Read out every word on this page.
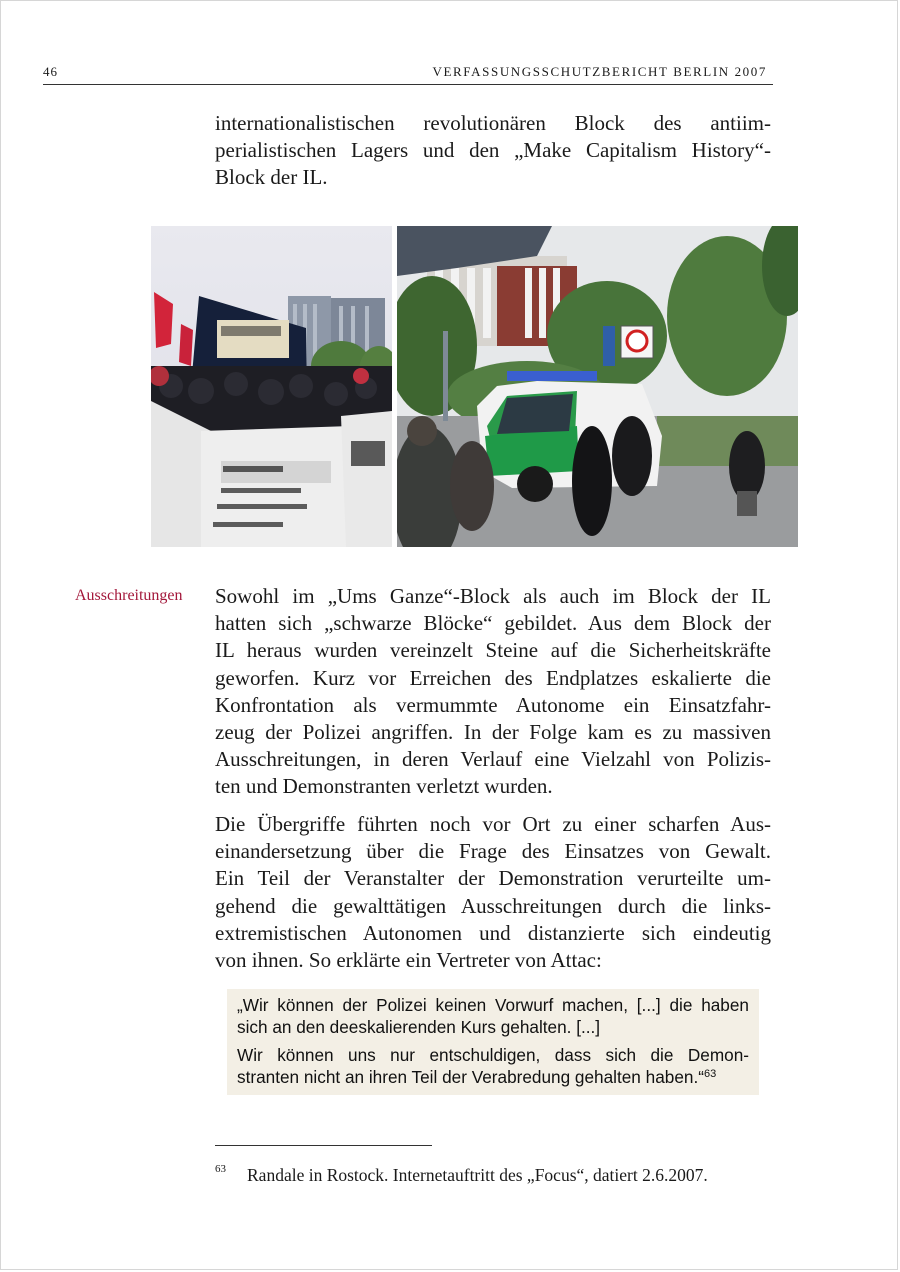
46	VERFASSUNGSSCHUTZBERICHT BERLIN 2007
internationalistischen revolutionären Block des antiim-
perialistischen Lagers und den „Make Capitalism History“-
Block der IL.
Ausschreitungen Sowohl im „Ums Ganze“-Block als auch im Block der IL
hatten sich „schwarze Blöcke“ gebildet. Aus dem Block der
IL heraus wurden vereinzelt Steine auf die Sicherheitskräfte
geworfen. Kurz vor Erreichen des Endplatzes eskalierte die
Konfrontation als vermummte Autonome ein Einsatzfahr-
zeug der Polizei angriffen. In der Folge kam es zu massiven
Ausschreitungen, in deren Verlauf eine Vielzahl von Polizis-
ten und Demonstranten verletzt wurden.
Die Übergriffe führten noch vor Ort zu einer scharfen Aus-
einandersetzung über die Frage des Einsatzes von Gewalt.
Ein Teil der Veranstalter der Demonstration verurteilte um-
gehend die gewalttätigen Ausschreitungen durch die links-
extremistischen Autonomen und distanzierte sich eindeutig
von ihnen. So erklärte ein Vertreter von Attac:

„Wir können der Polizei keinen Vorwurf machen, [...] die haben
sich an den deeskalierenden Kurs gehalten. [...]

Wir können uns nur entschuldigen, dass sich die Demon-
stranten nicht an ihren Teil der Verabredung gehalten haben.“$^{63}$

63 Randale in Rostock. Internetauftritt des „Focus“, datiert 2.6.2007.
